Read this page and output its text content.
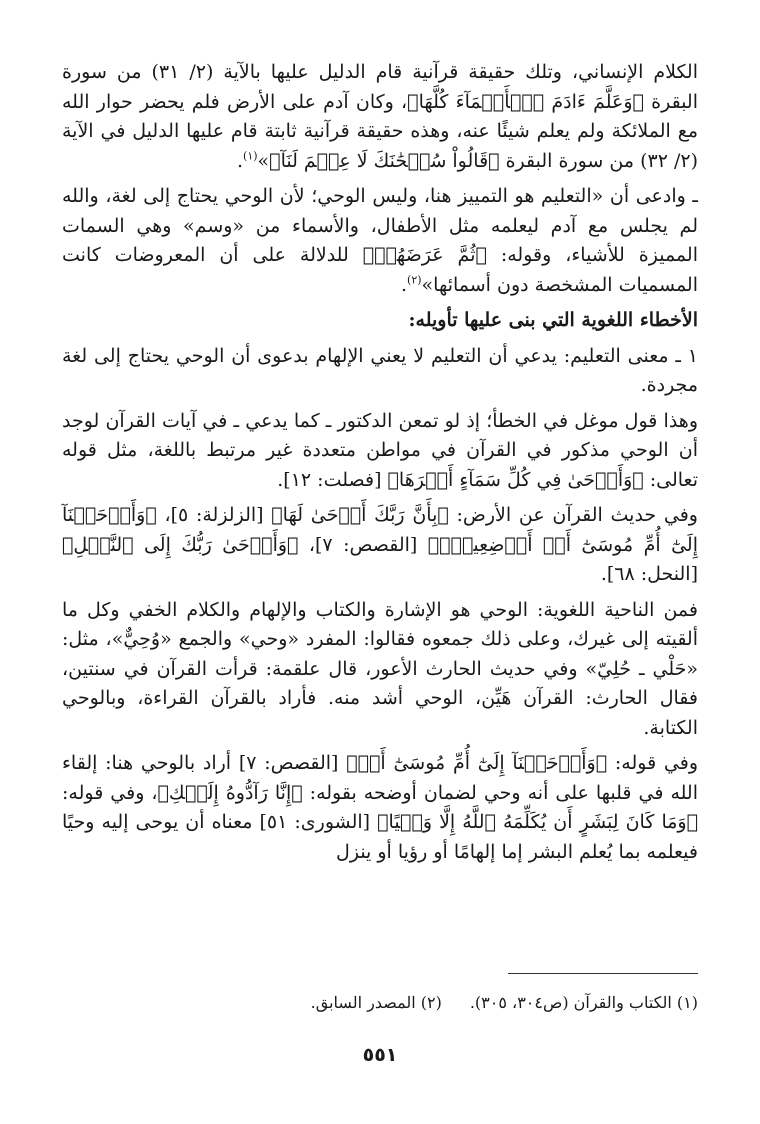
الكلام الإنساني، وتلك حقيقة قرآنية قام الدليل عليها بالآية (٢/ ٣١) من سورة البقرة ﴿وَعَلَّمَ ءَادَمَ ٱلۡأَسۡمَآءَ كُلَّهَا﴾، وكان آدم على الأرض فلم يحضر حوار الله مع الملائكة ولم يعلم شيئًا عنه، وهذه حقيقة قرآنية ثابتة قام عليها الدليل في الآية (٢/ ٣٢) من سورة البقرة ﴿قَالُواْ سُبۡحَٰنَكَ لَا عِلۡمَ لَنَآ﴾»$^{(١)}$.

ـ وادعى أن «التعليم هو التمييز هنا، وليس الوحي؛ لأن الوحي يحتاج إلى لغة، والله لم يجلس مع آدم ليعلمه مثل الأطفال، والأسماء من «وسم» وهي السمات المميزة للأشياء، وقوله: ﴿ثُمَّ عَرَضَهُمۡ﴾ للدلالة على أن المعروضات كانت المسميات المشخصة دون أسمائها»$^{(٢)}$.

الأخطاء اللغوية التي بنى عليها تأويله:

١ ـ معنى التعليم: يدعي أن التعليم لا يعني الإلهام بدعوى أن الوحي يحتاج إلى لغة مجردة.

وهذا قول موغل في الخطأ؛ إذ لو تمعن الدكتور ـ كما يدعي ـ في آيات القرآن لوجد أن الوحي مذكور في القرآن في مواطن متعددة غير مرتبط باللغة، مثل قوله تعالى: ﴿وَأَوۡحَىٰ فِي كُلِّ سَمَآءٍ أَمۡرَهَا﴾ [فصلت: ١٢].

وفي حديث القرآن عن الأرض: ﴿بِأَنَّ رَبَّكَ أَوۡحَىٰ لَهَا﴾ [الزلزلة: ٥]، ﴿وَأَوۡحَيۡنَآ إِلَىٰٓ أُمِّ مُوسَىٰٓ أَنۡ أَرۡضِعِيهِۖ﴾ [القصص: ٧]، ﴿وَأَوۡحَىٰ رَبُّكَ إِلَى ٱلنَّحۡلِ﴾ [النحل: ٦٨].

فمن الناحية اللغوية: الوحي هو الإشارة والكتاب والإلهام والكلام الخفي وكل ما ألقيته إلى غيرك، وعلى ذلك جمعوه فقالوا: المفرد «وحي» والجمع «وُحِيٌّ»، مثل: «حَلْي ـ حُلِيّ» وفي حديث الحارث الأعور، قال علقمة: قرأت القرآن في سنتين، فقال الحارث: القرآن هَيِّن، الوحي أشد منه. فأراد بالقرآن القراءة، وبالوحي الكتابة.

وفي قوله: ﴿وَأَوۡحَيۡنَآ إِلَىٰٓ أُمِّ مُوسَىٰٓ أَنۡ﴾ [القصص: ٧] أراد بالوحي هنا: إلقاء الله في قلبها على أنه وحي لضمان أوضحه بقوله: ﴿إِنَّا رَآدُّوهُ إِلَيۡكِ﴾، وفي قوله: ﴿وَمَا كَانَ لِبَشَرٍ أَن يُكَلِّمَهُ ٱللَّهُ إِلَّا وَحۡيًا﴾ [الشورى: ٥١] معناه أن يوحى إليه وحيًا فيعلمه بما يُعلم البشر إما إلهامًا أو رؤيا أو ينزل

(١) الكتاب والقرآن (ص٣٠٤، ٣٠٥).
(٢) المصدر السابق.
٥٥١
